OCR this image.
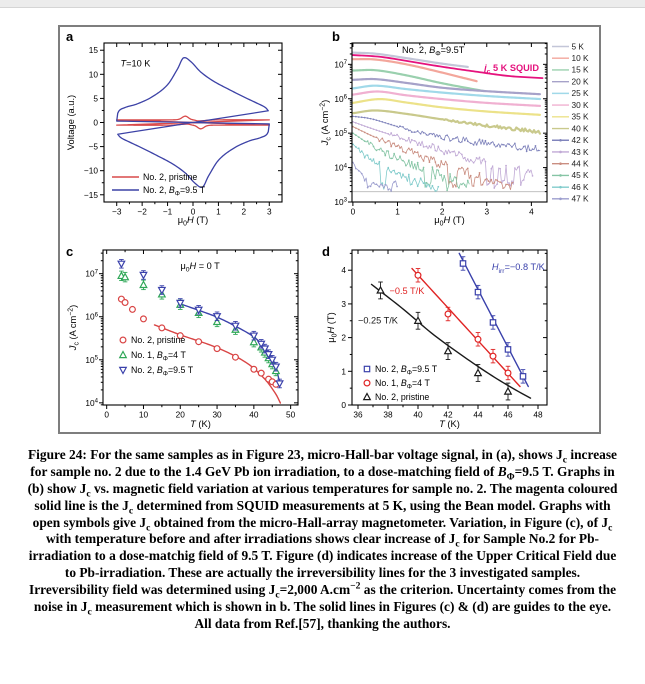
−3 −2 −1 0	1	2	3
−15
−10
−5
0
5
10
15
a
T=10 K
$\mu_0H$ (T)
Voltage (a.u.)
No. 2, pristine
No. 2, $B_\Phi=9.5$ T
0	1	2	3	4
$10^3$
$10^4$
$10^5$
$10^6$
$10^7$
b
No. 2, $B_\Phi=9.5T$
$j_c$ 5 K SQUID
$\mu_0H$ (T)
$J_c$ (A $cm^{-2}$)
5 K
10 K
15 K
20 K
25 K
30 K
35 K
40 K
42 K
43 K
44 K
45 K
46 K
47 K
0	10	20	30	40	50
$10^4$
$10^5$
$10^6$
$10^7$
c
$\mu_0H = 0$ T
T (K)
$J_c$ (A $cm^{-2}$)
No. 2, pristine
No. 1, $B_\Phi=4$ T
No. 2, $B_\Phi=9.5$ T
36	38	40	42	44	46	48
0
1
2
3
4
d
$H_{irr}=-0.8$ T/K
−0.5 T/K
−0.25 T/K
T (K)
$\mu_0H$ (T)
No. 2, $B_\Phi=9.5$ T
No. 1, $B_\Phi=4$ T
No. 2, pristine

Figure 24: For the same samples as in Figure 23, micro-Hall-bar voltage signal, in (a), shows $J_c$ increase for sample no. 2 due to the 1.4 GeV Pb ion irradiation, to a dose-matching field of $B_\Phi=9.5$ T. Graphs in (b) show $J_c$ vs. magnetic field variation at various temperatures for sample no. 2. The magenta coloured solid line is the $J_c$ determined from SQUID measurements at 5 K, using the Bean model. Graphs with open symbols give $J_c$ obtained from the micro-Hall-array magnetometer. Variation, in Figure (c), of $J_c$ with temperature before and after irradiations shows clear increase of $J_c$ for Sample No.2 for Pb-irradiation to a dose-matchig field of 9.5 T. Figure (d) indicates increase of the Upper Critical Field due to Pb-irradiation. These are actually the irreversibility lines for the 3 investigated samples. Irreversibility field was determined using $J_c=2,000$ $A.cm^{-2}$ as the criterion. Uncertainty comes from the noise in $J_c$ measurement which is shown in b. The solid lines in Figures (c) & (d) are guides to the eye. All data from Ref.[57], thanking the authors.
